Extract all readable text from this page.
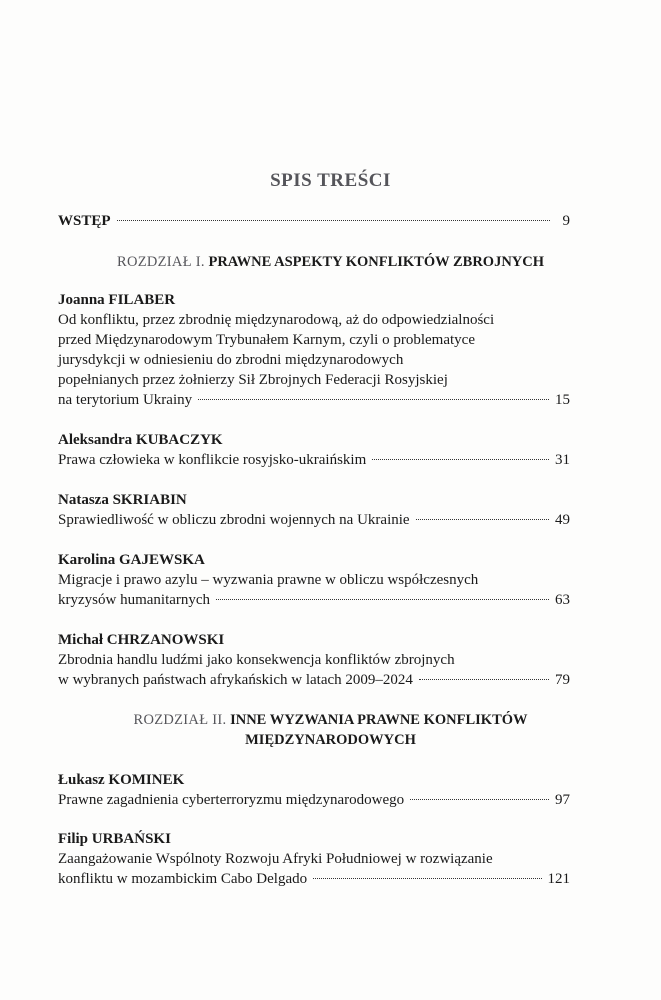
SPIS TREŚCI
WSTĘP	9
ROZDZIAŁ I. PRAWNE ASPEKTY KONFLIKTÓW ZBROJNYCH
Joanna FILABER
Od konfliktu, przez zbrodnię międzynarodową, aż do odpowiedzialności
przed Międzynarodowym Trybunałem Karnym, czyli o problematyce
jurysdykcji w odniesieniu do zbrodni międzynarodowych
popełnianych przez żołnierzy Sił Zbrojnych Federacji Rosyjskiej
na terytorium Ukrainy	15
Aleksandra KUBACZYK
Prawa człowieka w konflikcie rosyjsko-ukraińskim	31
Natasza SKRIABIN
Sprawiedliwość w obliczu zbrodni wojennych na Ukrainie	49
Karolina GAJEWSKA
Migracje i prawo azylu – wyzwania prawne w obliczu współczesnych
kryzysów humanitarnych	63
Michał CHRZANOWSKI
Zbrodnia handlu ludźmi jako konsekwencja konfliktów zbrojnych
w wybranych państwach afrykańskich w latach 2009–2024	79
ROZDZIAŁ II. INNE WYZWANIA PRAWNE KONFLIKTÓW
MIĘDZYNARODOWYCH
Łukasz KOMINEK
Prawne zagadnienia cyberterroryzmu międzynarodowego	97
Filip URBAŃSKI
Zaangażowanie Wspólnoty Rozwoju Afryki Południowej w rozwiązanie
konfliktu w mozambickim Cabo Delgado	121
